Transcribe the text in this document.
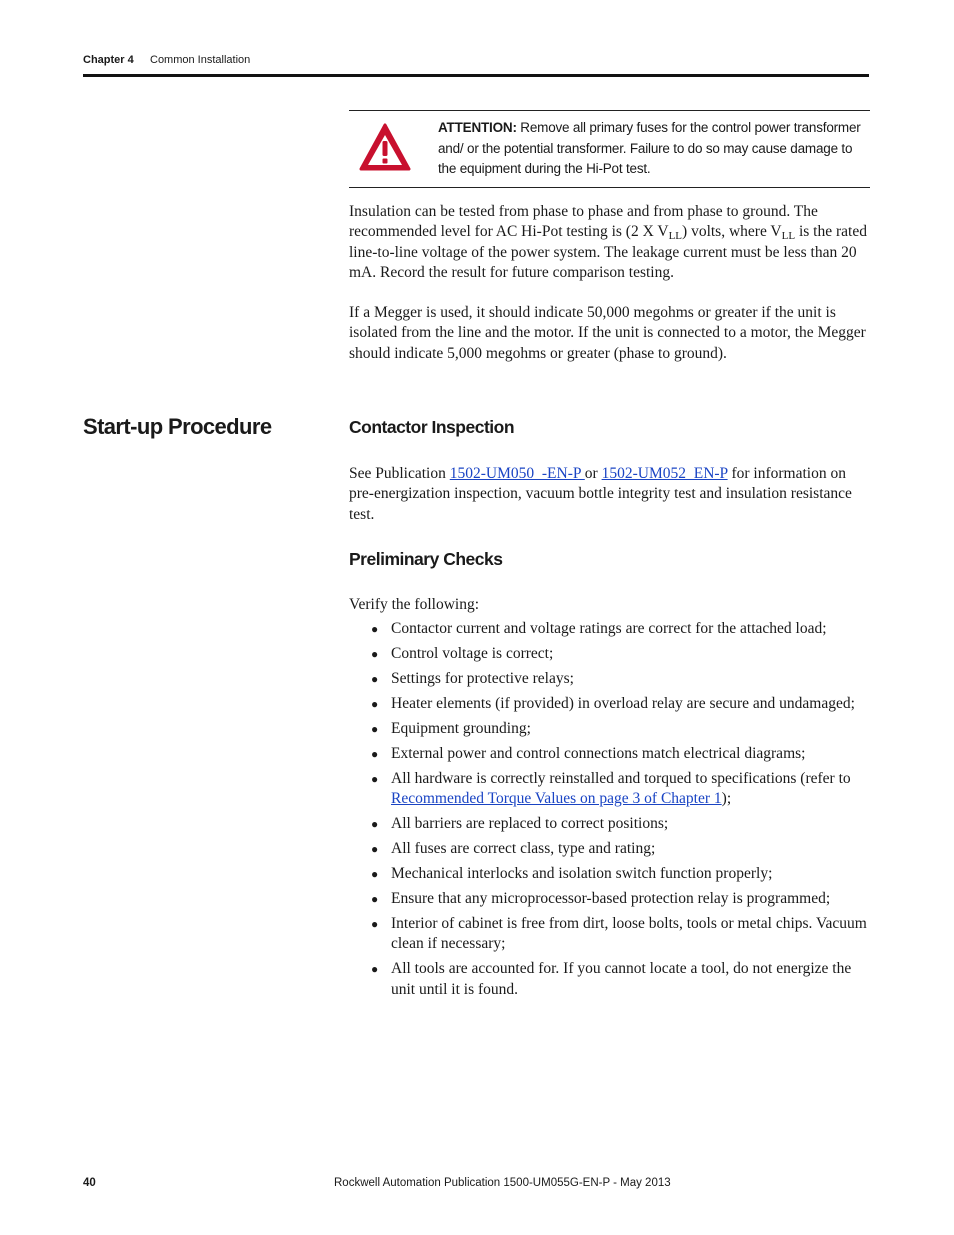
Chapter 4 Common Installation
ATTENTION: Remove all primary fuses for the control power transformer and/ or the potential transformer. Failure to do so may cause damage to the equipment during the Hi-Pot test.
Insulation can be tested from phase to phase and from phase to ground. The recommended level for AC Hi-Pot testing is (2 X $V_{LL}$) volts, where $V_{LL}$ is the rated line-to-line voltage of the power system. The leakage current must be less than 20 mA. Record the result for future comparison testing.
If a Megger is used, it should indicate 50,000 megohms or greater if the unit is isolated from the line and the motor. If the unit is connected to a motor, the Megger should indicate 5,000 megohms or greater (phase to ground).
Start-up Procedure	Contactor Inspection
See Publication 1502-UM050_-EN-P or 1502-UM052_EN-P for information on pre-energization inspection, vacuum bottle integrity test and insulation resistance test.
Preliminary Checks
Verify the following:
● Contactor current and voltage ratings are correct for the attached load;
● Control voltage is correct;
● Settings for protective relays;
● Heater elements (if provided) in overload relay are secure and undamaged;
● Equipment grounding;
● External power and control connections match electrical diagrams;
● All hardware is correctly reinstalled and torqued to specifications (refer to Recommended Torque Values on page 3 of Chapter 1);
● All barriers are replaced to correct positions;
● All fuses are correct class, type and rating;
● Mechanical interlocks and isolation switch function properly;
● Ensure that any microprocessor-based protection relay is programmed;
● Interior of cabinet is free from dirt, loose bolts, tools or metal chips. Vacuum clean if necessary;
● All tools are accounted for. If you cannot locate a tool, do not energize the unit until it is found.
40	Rockwell Automation Publication 1500-UM055G-EN-P - May 2013
